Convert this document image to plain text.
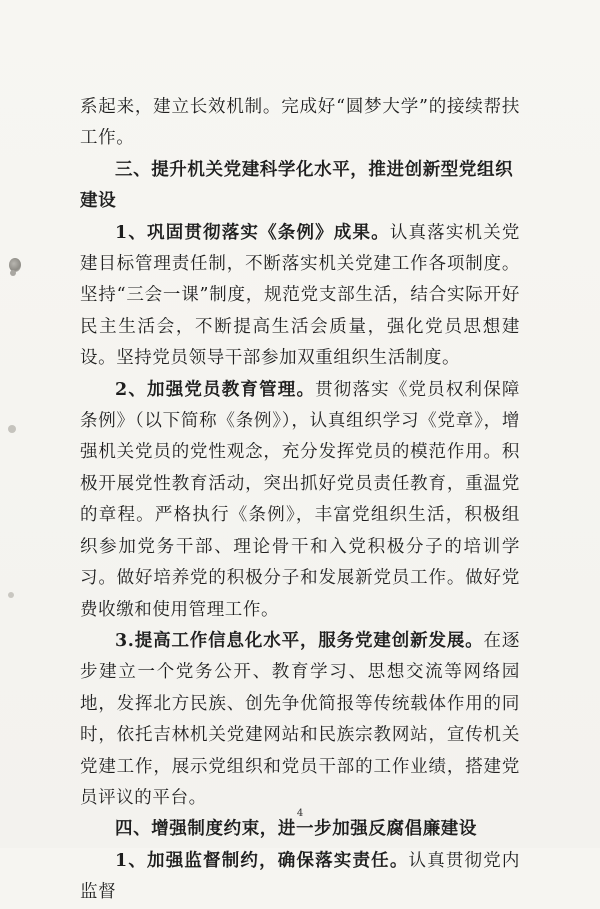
系起来，建立长效机制。完成好“圆梦大学”的接续帮扶工作。

三、提升机关党建科学化水平，推进创新型党组织建设

1、巩固贯彻落实《条例》成果。认真落实机关党建目标管理责任制，不断落实机关党建工作各项制度。坚持“三会一课”制度，规范党支部生活，结合实际开好民主生活会，不断提高生活会质量，强化党员思想建设。坚持党员领导干部参加双重组织生活制度。

2、加强党员教育管理。贯彻落实《党员权利保障条例》（以下简称《条例》），认真组织学习《党章》，增强机关党员的党性观念，充分发挥党员的模范作用。积极开展党性教育活动，突出抓好党员责任教育，重温党的章程。严格执行《条例》，丰富党组织生活，积极组织参加党务干部、理论骨干和入党积极分子的培训学习。做好培养党的积极分子和发展新党员工作。做好党费收缴和使用管理工作。

3.提高工作信息化水平，服务党建创新发展。在逐步建立一个党务公开、教育学习、思想交流等网络园地，发挥北方民族、创先争优简报等传统载体作用的同时，依托吉林机关党建网站和民族宗教网站，宣传机关党建工作，展示党组织和党员干部的工作业绩，搭建党员评议的平台。

四、增强制度约束，进一步加强反腐倡廉建设

1、加强监督制约，确保落实责任。认真贯彻党内监督

4
